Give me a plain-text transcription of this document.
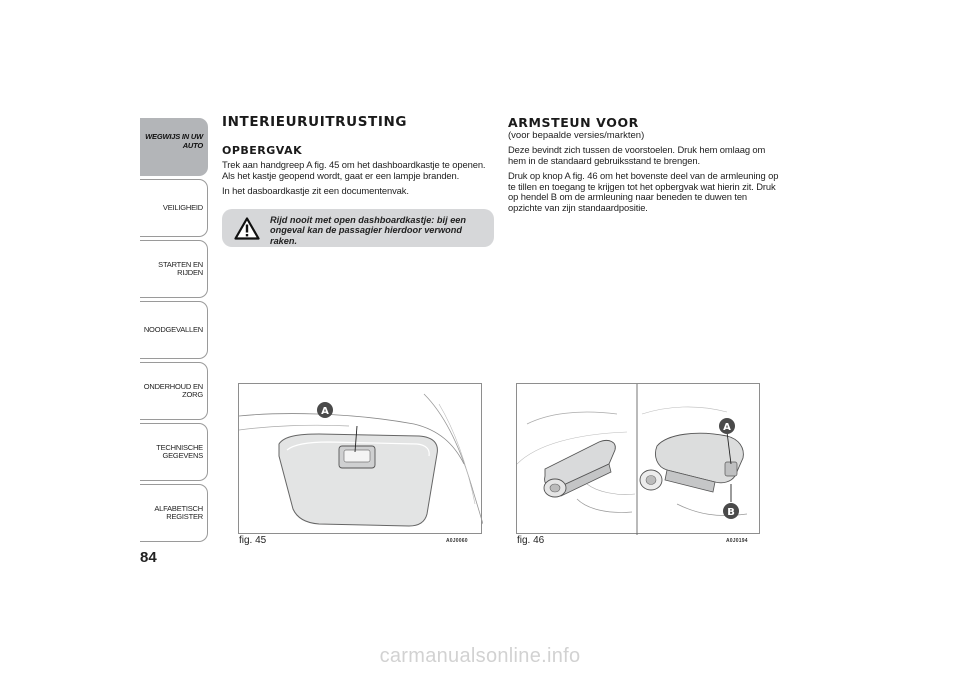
WEGWIJS IN UW
AUTO
VEILIGHEID
STARTEN EN RIJDEN
NOODGEVALLEN
ONDERHOUD EN
ZORG
TECHNISCHE
GEGEVENS
ALFABETISCH
REGISTER
84
INTERIEURUITRUSTING
OPBERGVAK

Trek aan handgreep A fig. 45 om het dashboardkastje te openen. Als het kastje geopend wordt, gaat er een lampje branden.

In het dasboardkastje zit een documentenvak.

Rijd nooit met open dashboardkastje: bij een ongeval kan de passagier hierdoor verwond raken.
ARMSTEUN VOOR
(voor bepaalde versies/markten)

Deze bevindt zich tussen de voorstoelen. Druk hem omlaag om hem in de standaard gebruiksstand te brengen.

Druk op knop A fig. 46 om het bovenste deel van de armleuning op te tillen en toegang te krijgen tot het opbergvak wat hierin zit. Druk op hendel B om de armleuning naar beneden te duwen ten opzichte van zijn standaardpositie.

A
fig. 45	A0J0060
A
B
fig. 46	A0J0194
carmanualsonline.info
